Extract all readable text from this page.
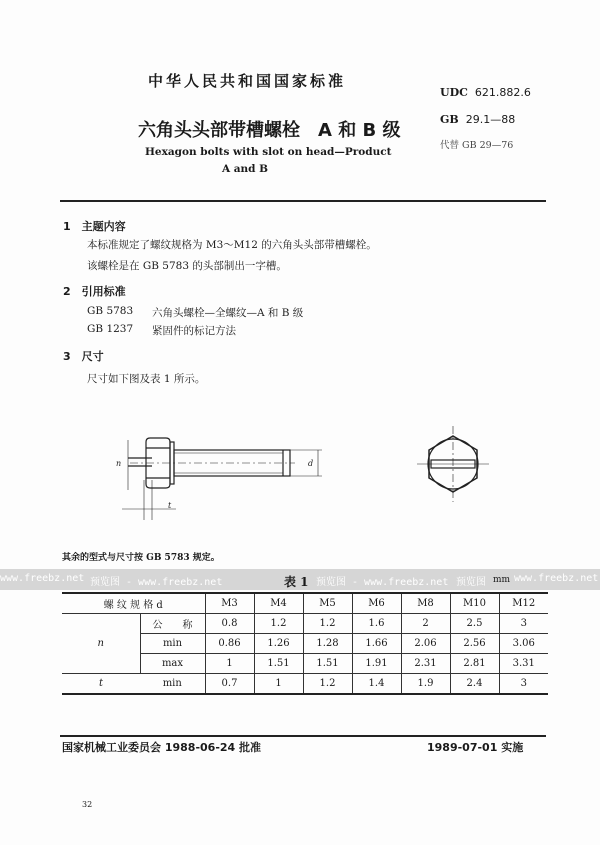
中华人民共和国国家标准
六角头头部带槽螺栓　A 和 B 级
Hexagon bolts with slot on head—Product
A and B
UDC 621.882.6
GB 29.1—88
代替 GB 29—76
1　主题内容
本标准规定了螺纹规格为 M3～M12 的六角头头部带槽螺栓。
该螺栓是在 GB 5783 的头部制出一字槽。
2　引用标准
GB 5783 六角头螺栓—全螺纹—A 和 B 级
GB 1237 紧固件的标记方法
3　尺寸
尺寸如下图及表 1 所示。
n	d
t
其余的型式与尺寸按 GB 5783 规定。
www.freebz.net 预览图 - www.freebz.net	预览图 - www.freebz.net 预览图	www.freebz.net
表 1	mm
螺 纹 规 格 d		M3	M4	M5	M6	M8	M10	M12
n	公　　称	0.8	1.2	1.2	1.6	2	2.5	3
	min	0.86	1.26	1.28	1.66	2.06	2.56	3.06
	max	1	1.51	1.51	1.91	2.31	2.81	3.31
t	min	0.7	1	1.2	1.4	1.9	2.4	3
国家机械工业委员会 1988-06-24 批准	1989-07-01 实施
32
